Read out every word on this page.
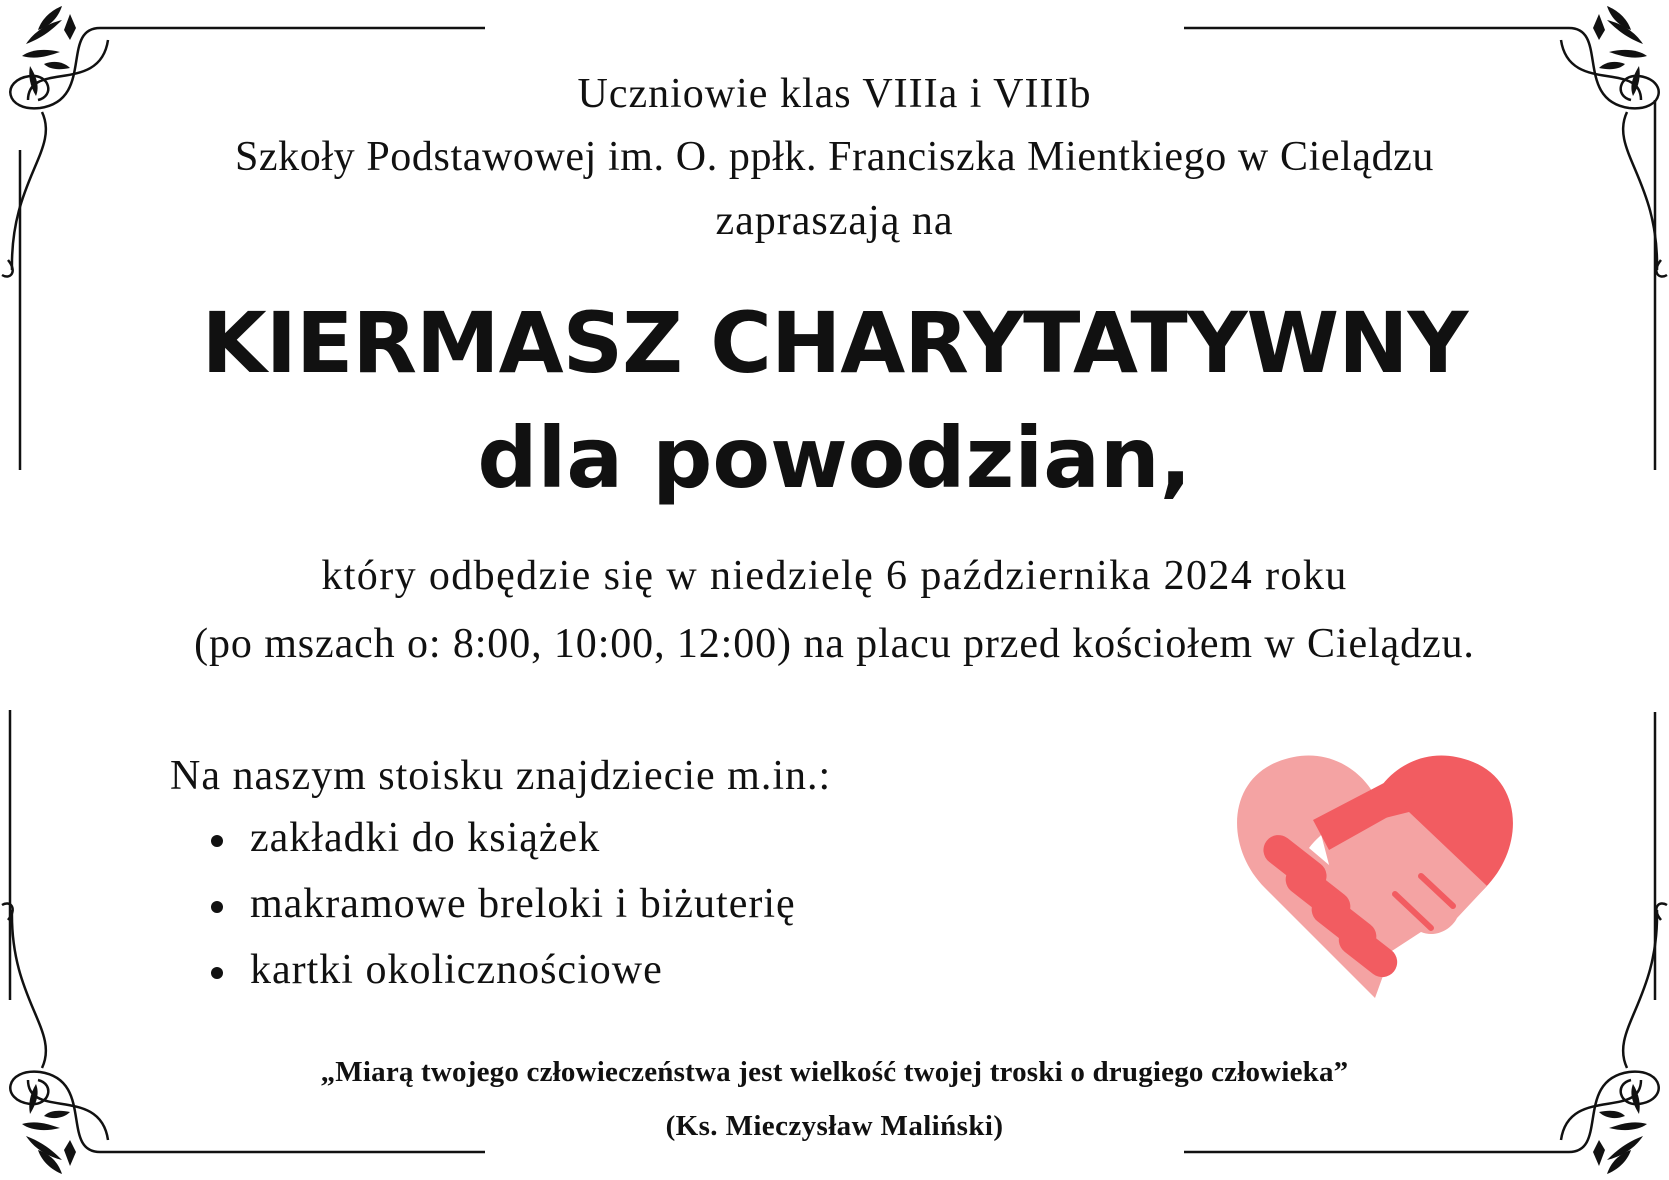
Uczniowie klas VIIIa i VIIIb

Szkoły Podstawowej im. O. ppłk. Franciszka Mientkiego w Cielądzu

zapraszają na

KIERMASZ CHARYTATYWNY
dla powodzian,

który odbędzie się w niedzielę 6 października 2024 roku

(po mszach o: 8:00, 10:00, 12:00) na placu przed kościołem w Cielądzu.

Na naszym stoisku znajdziecie m.in.:
zakładki do książek
makramowe breloki i biżuterię
kartki okolicznościowe

„Miarą twojego człowieczeństwa jest wielkość twojej troski o drugiego człowieka”

(Ks. Mieczysław Maliński)
